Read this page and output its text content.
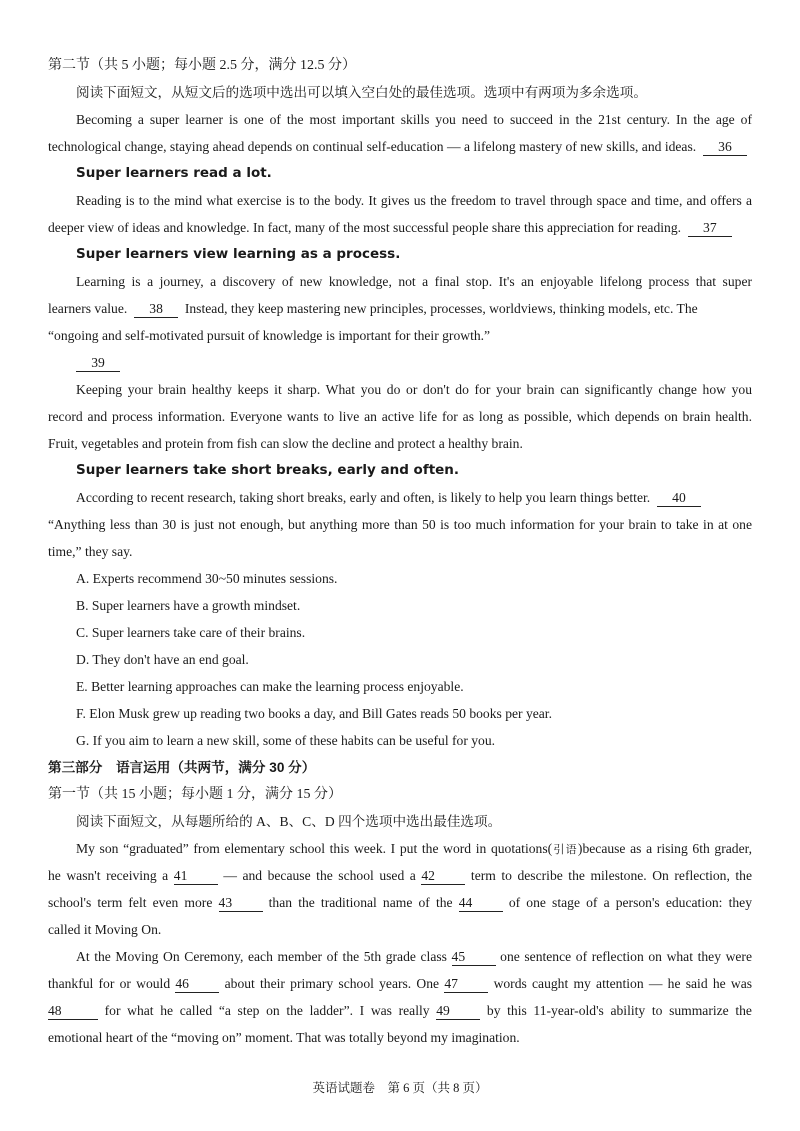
第二节（共 5 小题；每小题 2.5 分，满分 12.5 分）
阅读下面短文，从短文后的选项中选出可以填入空白处的最佳选项。选项中有两项为多余选项。
Becoming a super learner is one of the most important skills you need to succeed in the 21st century. In the age of
technological change, staying ahead depends on continual self-education — a lifelong mastery of new skills, and ideas. 36
Super learners read a lot.
Reading is to the mind what exercise is to the body. It gives us the freedom to travel through space and time, and offers a
deeper view of ideas and knowledge. In fact, many of the most successful people share this appreciation for reading. 37
Super learners view learning as a process.
Learning is a journey, a discovery of new knowledge, not a final stop. It's an enjoyable lifelong process that super
learners value. 38 Instead, they keep mastering new principles, processes, worldviews, thinking models, etc. The
“ongoing and self-motivated pursuit of knowledge is important for their growth.”
39
Keeping your brain healthy keeps it sharp. What you do or don't do for your brain can significantly change how you
record and process information. Everyone wants to live an active life for as long as possible, which depends on brain health.
Fruit, vegetables and protein from fish can slow the decline and protect a healthy brain.
Super learners take short breaks, early and often.
According to recent research, taking short breaks, early and often, is likely to help you learn things better. 40
“Anything less than 30 is just not enough, but anything more than 50 is too much information for your brain to take in at one
time,” they say.
A. Experts recommend 30~50 minutes sessions.
B. Super learners have a growth mindset.
C. Super learners take care of their brains.
D. They don't have an end goal.
E. Better learning approaches can make the learning process enjoyable.
F. Elon Musk grew up reading two books a day, and Bill Gates reads 50 books per year.
G. If you aim to learn a new skill, some of these habits can be useful for you.
第三部分　语言运用（共两节，满分 30 分）
第一节（共 15 小题；每小题 1 分，满分 15 分）
阅读下面短文，从每题所给的 A、B、C、D 四个选项中选出最佳选项。
My son “graduated” from elementary school this week. I put the word in quotations(引语)because as a rising 6th grader,
he wasn't receiving a 41	— and because the school used a 42	term to describe the milestone. On reflection, the
school's term felt even more 43	than the traditional name of the 44	of one stage of a person's education: they
called it Moving On.
At the Moving On Ceremony, each member of the 5th grade class 45	one sentence of reflection on what they were
thankful for or would 46	about their primary school years. One 47	words caught my attention — he said he was
48	for what he called “a step on the ladder”. I was really 49	by this 11-year-old's ability to summarize the
emotional heart of the “moving on” moment. That was totally beyond my imagination.
英语试题卷　第 6 页（共 8 页）
